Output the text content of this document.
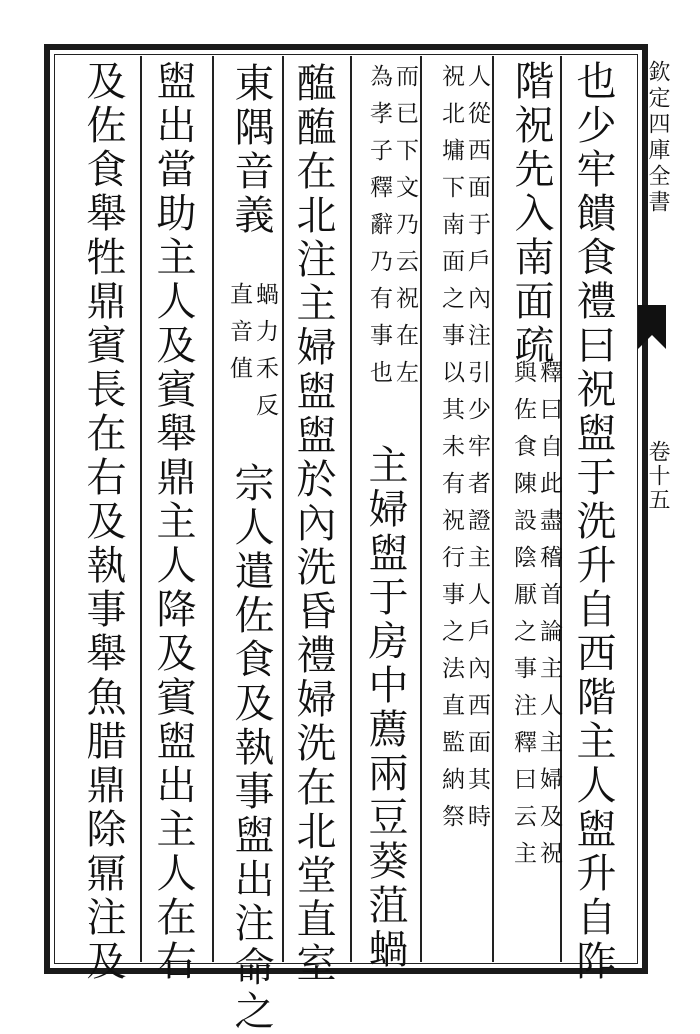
欽定四庫全書
卷十五
也少牢饋食禮曰祝盥于洗升自西階主人盥升自阼
階祝先入南面疏
釋曰自此盡稽首論主人主婦及祝
與佐食陳設陰厭之事注釋曰云主
人從西面于戶內注引少牢者證主人戶內西面其時
祝北墉下南面之事以其未有祝行事之法直監納祭
而已下文乃云祝在左
為孝子釋辭乃有事也
主婦盥于房中薦兩豆葵菹蝸
醢醢在北注主婦盥盥於內洗昏禮婦洗在北堂直室
東隅音義
蝸力禾反
直音值
宗人遣佐食及執事盥出注命之
盥出當助主人及賓舉鼎主人降及賓盥出主人在右
及佐食舉牲鼎賓長在右及執事舉魚腊鼎除鼏注及
